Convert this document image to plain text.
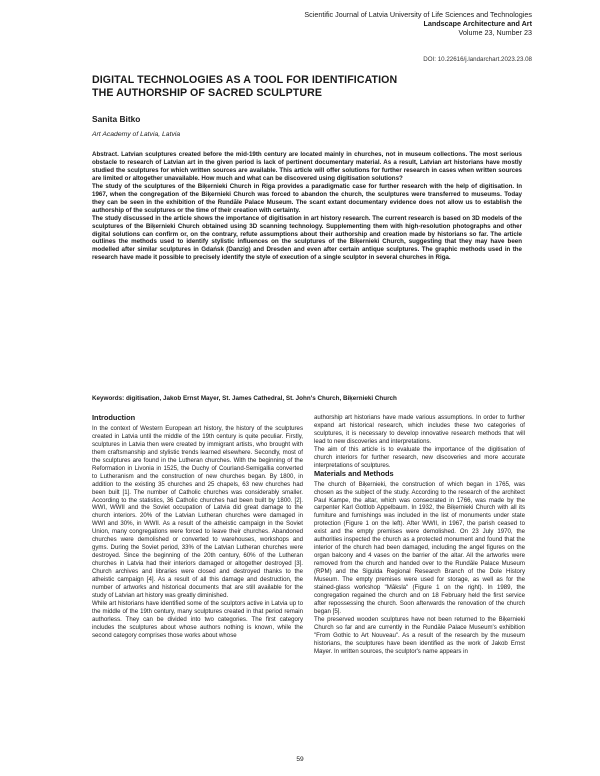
Scientific Journal of Latvia University of Life Sciences and Technologies
Landscape Architecture and Art
Volume 23, Number 23
DOI: 10.22616/j.landarchart.2023.23.08
DIGITAL TECHNOLOGIES AS A TOOL FOR IDENTIFICATION
THE AUTHORSHIP OF SACRED SCULPTURE
Sanita Bitko
Art Academy of Latvia, Latvia

Abstract. Latvian sculptures created before the mid-19th century are located mainly in churches, not in museum collections. The most serious obstacle to research of Latvian art in the given period is lack of pertinent documentary material. As a result, Latvian art historians have mostly studied the sculptures for which written sources are available. This article will offer solutions for further research in cases when written sources are limited or altogether unavailable. How much and what can be discovered using digitisation solutions?

The study of the sculptures of the Biķernieki Church in Riga provides a paradigmatic case for further research with the help of digitisation. In 1967, when the congregation of the Biķernieki Church was forced to abandon the church, the sculptures were transferred to museums. Today they can be seen in the exhibition of the Rundāle Palace Museum. The scant extant documentary evidence does not allow us to establish the authorship of the sculptures or the time of their creation with certainty.

The study discussed in the article shows the importance of digitisation in art history research. The current research is based on 3D models of the sculptures of the Biķernieki Church obtained using 3D scanning technology. Supplementing them with high-resolution photographs and other digital solutions can confirm or, on the contrary, refute assumptions about their authorship and creation made by historians so far. The article outlines the methods used to identify stylistic influences on the sculptures of the Biķernieki Church, suggesting that they may have been modelled after similar sculptures in Gdańsk (Danzig) and Dresden and even after certain antique sculptures. The graphic methods used in the research have made it possible to precisely identify the style of execution of a single sculptor in several churches in Riga.

Keywords: digitisation, Jakob Ernst Mayer, St. James Cathedral, St. John's Church, Biķernieki Church
Introduction

In the context of Western European art history, the history of the sculptures created in Latvia until the middle of the 19th century is quite peculiar. Firstly, sculptures in Latvia then were created by immigrant artists, who brought with them craftsmanship and stylistic trends learned elsewhere. Secondly, most of the sculptures are found in the Lutheran churches. With the beginning of the Reformation in Livonia in 1525, the Duchy of Courland-Semigallia converted to Lutheranism and the construction of new churches began. By 1800, in addition to the existing 35 churches and 25 chapels, 63 new churches had been built [1]. The number of Catholic churches was considerably smaller. According to the statistics, 36 Catholic churches had been built by 1800. [2]. WWI, WWII and the Soviet occupation of Latvia did great damage to the church interiors. 20% of the Latvian Lutheran churches were damaged in WWI and 30%, in WWII. As a result of the atheistic campaign in the Soviet Union, many congregations were forced to leave their churches. Abandoned churches were demolished or converted to warehouses, workshops and gyms. During the Soviet period, 33% of the Latvian Lutheran churches were destroyed. Since the beginning of the 20th century, 60% of the Lutheran churches in Latvia had their interiors damaged or altogether destroyed [3]. Church archives and libraries were closed and destroyed thanks to the atheistic campaign [4]. As a result of all this damage and destruction, the number of artworks and historical documents that are still available for the study of Latvian art history was greatly diminished.

While art historians have identified some of the sculptors active in Latvia up to the middle of the 19th century, many sculptures created in that period remain authorless. They can be divided into two categories. The first category includes the sculptures about whose authors nothing is known, while the second category comprises those works about whose

authorship art historians have made various assumptions. In order to further expand art historical research, which includes these two categories of sculptures, it is necessary to develop innovative research methods that will lead to new discoveries and interpretations.

The aim of this article is to evaluate the importance of the digitisation of church interiors for further research, new discoveries and more accurate interpretations of sculptures.

Materials and Methods

The church of Biķernieki, the construction of which began in 1765, was chosen as the subject of the study. According to the research of the architect Paul Kampe, the altar, which was consecrated in 1766, was made by the carpenter Karl Gottlob Appelbaum. In 1932, the Biķernieki Church with all its furniture and furnishings was included in the list of monuments under state protection (Figure 1 on the left). After WWII, in 1967, the parish ceased to exist and the empty premises were demolished. On 23 July 1970, the authorities inspected the church as a protected monument and found that the interior of the church had been damaged, including the angel figures on the organ balcony and 4 vases on the barrier of the altar. All the artworks were removed from the church and handed over to the Rundāle Palace Museum (RPM) and the Sigulda Regional Research Branch of the Dole History Museum. The empty premises were used for storage, as well as for the stained-glass workshop "Māksla" (Figure 1 on the right). In 1989, the congregation regained the church and on 18 February held the first service after repossessing the church. Soon afterwards the renovation of the church began [5].

The preserved wooden sculptures have not been returned to the Biķernieki Church so far and are currently in the Rundāle Palace Museum's exhibition "From Gothic to Art Nouveau". As a result of the research by the museum historians, the sculptures have been identified as the work of Jakob Ernst Mayer. In written sources, the sculptor's name appears in

59
